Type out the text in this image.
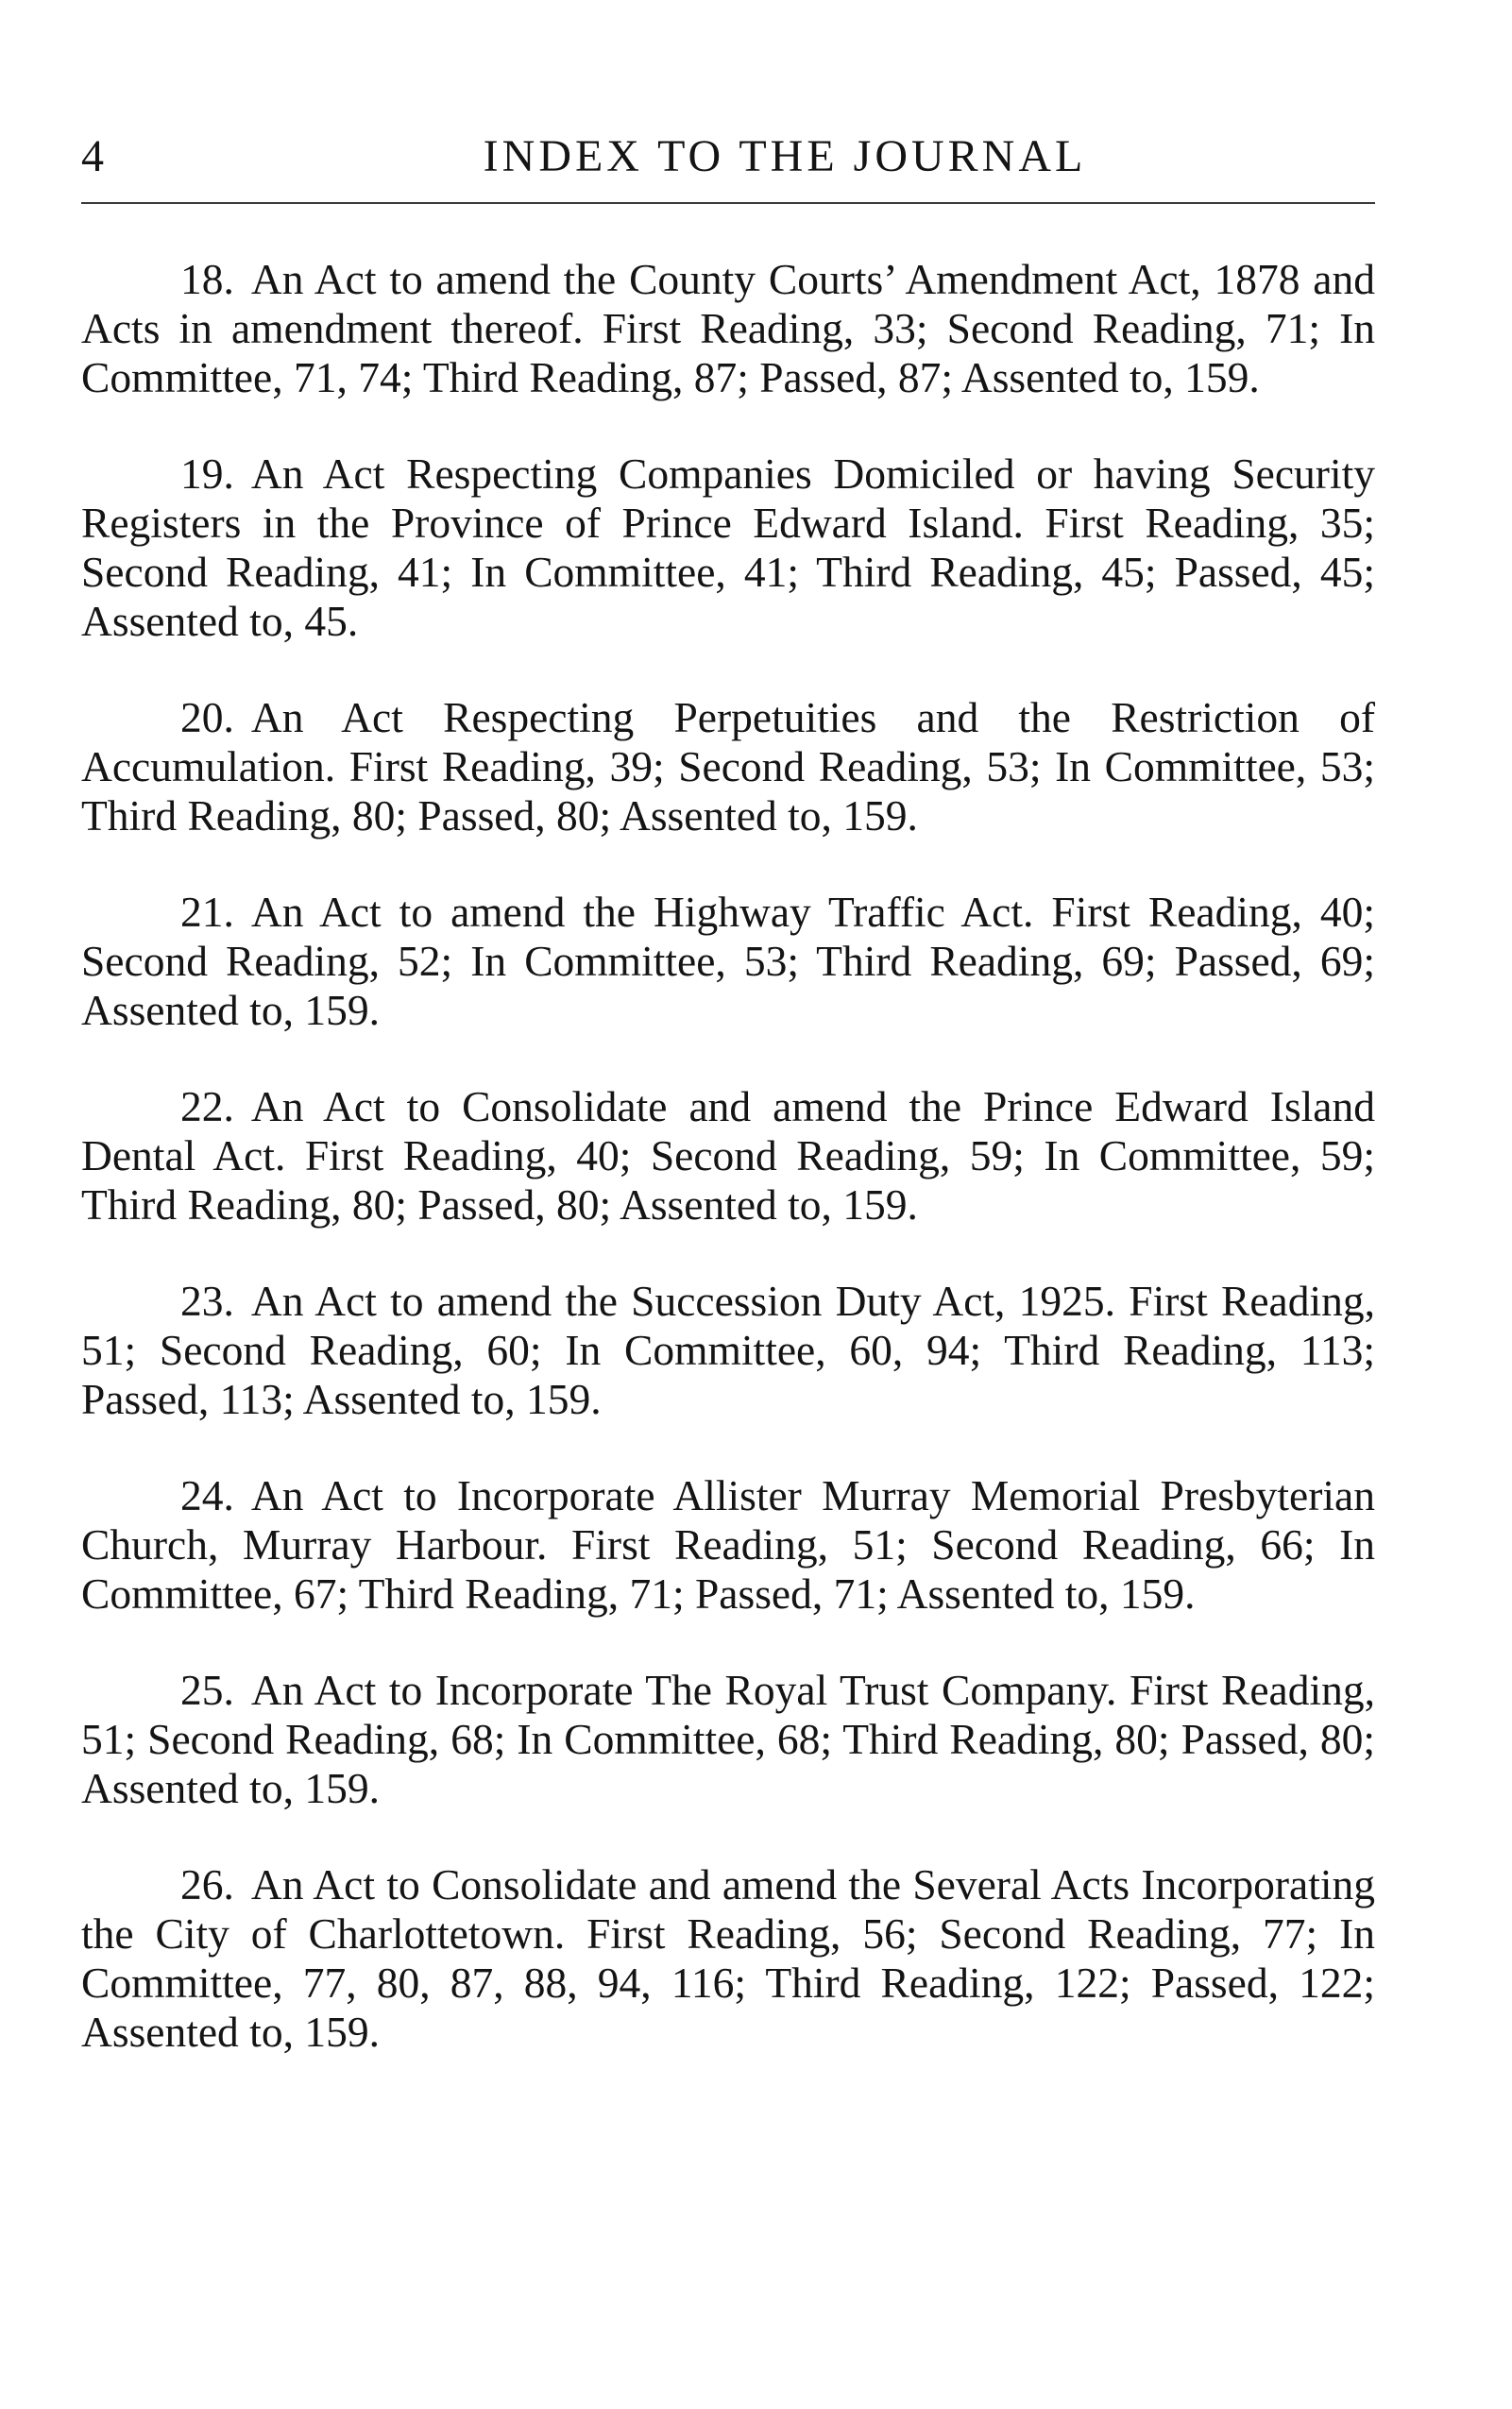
4	INDEX TO THE JOURNAL

18. An Act to amend the County Courts’ Amendment Act, 1878 and Acts in amendment thereof. First Reading, 33; Second Reading, 71; In Committee, 71, 74; Third Reading, 87; Passed, 87; Assented to, 159.

19. An Act Respecting Companies Domiciled or having Security Registers in the Province of Prince Edward Island. First Reading, 35; Second Reading, 41; In Committee, 41; Third Reading, 45; Passed, 45; Assented to, 45.

20. An Act Respecting Perpetuities and the Restriction of Accumulation. First Reading, 39; Second Reading, 53; In Committee, 53; Third Reading, 80; Passed, 80; Assented to, 159.

21. An Act to amend the Highway Traffic Act. First Reading, 40; Second Reading, 52; In Committee, 53; Third Reading, 69; Passed, 69; Assented to, 159.

22. An Act to Consolidate and amend the Prince Edward Island Dental Act. First Reading, 40; Second Reading, 59; In Committee, 59; Third Reading, 80; Passed, 80; Assented to, 159.

23. An Act to amend the Succession Duty Act, 1925. First Reading, 51; Second Reading, 60; In Committee, 60, 94; Third Reading, 113; Passed, 113; Assented to, 159.

24. An Act to Incorporate Allister Murray Memorial Presbyterian Church, Murray Harbour. First Reading, 51; Second Reading, 66; In Committee, 67; Third Reading, 71; Passed, 71; Assented to, 159.

25. An Act to Incorporate The Royal Trust Company. First Reading, 51; Second Reading, 68; In Committee, 68; Third Reading, 80; Passed, 80; Assented to, 159.

26. An Act to Consolidate and amend the Several Acts Incorporating the City of Charlottetown. First Reading, 56; Second Reading, 77; In Committee, 77, 80, 87, 88, 94, 116; Third Reading, 122; Passed, 122; Assented to, 159.
